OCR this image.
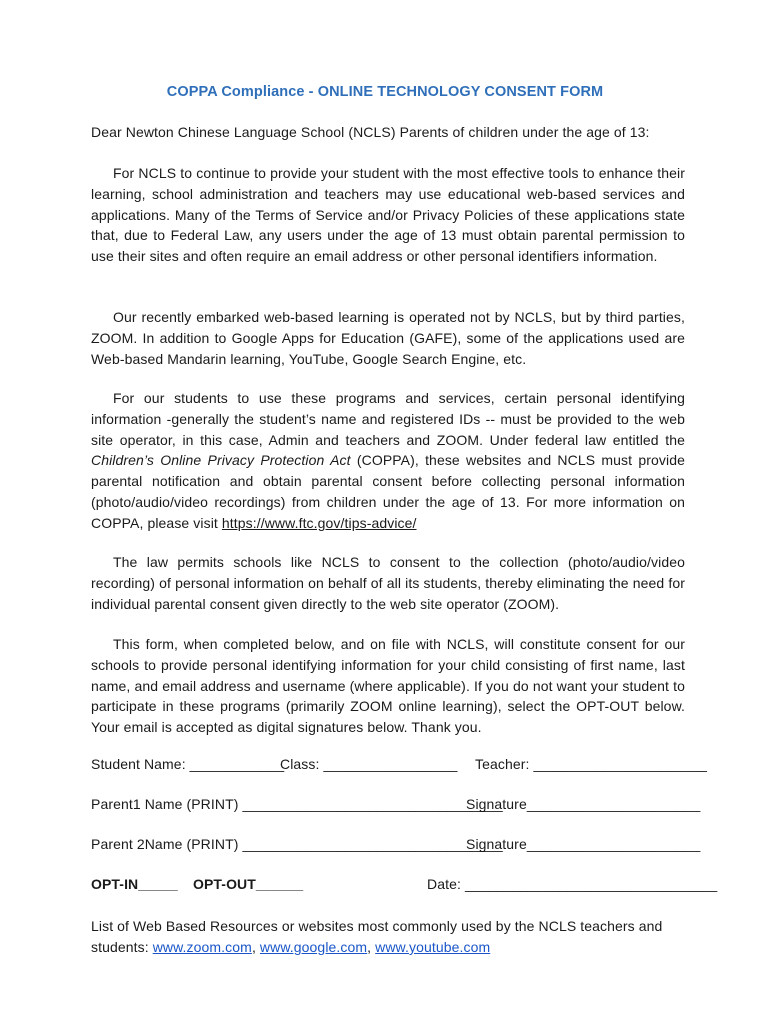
COPPA Compliance - ONLINE TECHNOLOGY CONSENT FORM
Dear Newton Chinese Language School (NCLS) Parents of children under the age of 13:

For NCLS to continue to provide your student with the most effective tools to enhance their learning, school administration and teachers may use educational web-based services and applications. Many of the Terms of Service and/or Privacy Policies of these applications state that, due to Federal Law, any users under the age of 13 must obtain parental permission to use their sites and often require an email address or other personal identifiers information.

Our recently embarked web-based learning is operated not by NCLS, but by third parties, ZOOM. In addition to Google Apps for Education (GAFE), some of the applications used are Web-based Mandarin learning, YouTube, Google Search Engine, etc.

For our students to use these programs and services, certain personal identifying information -generally the student’s name and registered IDs -- must be provided to the web site operator, in this case, Admin and teachers and ZOOM. Under federal law entitled the Children’s Online Privacy Protection Act (COPPA), these websites and NCLS must provide parental notification and obtain parental consent before collecting personal information (photo/audio/video recordings) from children under the age of 13. For more information on COPPA, please visit https://www.ftc.gov/tips-advice/

The law permits schools like NCLS to consent to the collection (photo/audio/video recording) of personal information on behalf of all its students, thereby eliminating the need for individual parental consent given directly to the web site operator (ZOOM).

This form, when completed below, and on file with NCLS, will constitute consent for our schools to provide personal identifying information for your child consisting of first name, last name, and email address and username (where applicable). If you do not want your student to participate in these programs (primarily ZOOM online learning), select the OPT-OUT below. Your email is accepted as digital signatures below. Thank you.

Student Name: ____________
Class: _________________ Teacher: ______________________
Parent1 Name (PRINT) _________________________________
Signature______________________
Parent 2Name (PRINT) _________________________________
Signature______________________
OPT-IN_____ OPT-OUT______	Date: ________________________________

List of Web Based Resources or websites most commonly used by the NCLS teachers and students: www.zoom.com, www.google.com, www.youtube.com
